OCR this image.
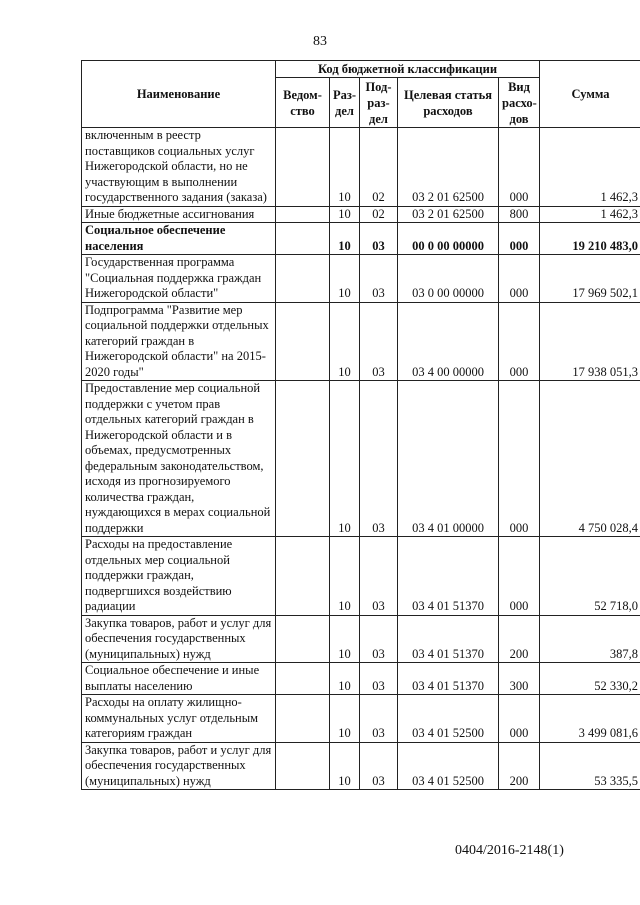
83
Наименование	Код бюджетной классификации					Сумма
	Ведом-ство	Раз-дел	Под-раз-дел	Целевая статья расходов	Вид расхо-дов	
включенным в реестр поставщиков социальных услуг Нижегородской области, но не участвующим в выполнении государственного задания (заказа)		10	02	03 2 01 62500	000	1 462,3
Иные бюджетные ассигнования		10	02	03 2 01 62500	800	1 462,3
Социальное обеспечение населения		10	03	00 0 00 00000	000	19 210 483,0
Государственная программа "Социальная поддержка граждан Нижегородской области"		10	03	03 0 00 00000	000	17 969 502,1
Подпрограмма "Развитие мер социальной поддержки отдельных категорий граждан в Нижегородской области" на 2015-2020 годы"		10	03	03 4 00 00000	000	17 938 051,3
Предоставление мер социальной поддержки с учетом прав отдельных категорий граждан в Нижегородской области и в объемах, предусмотренных федеральным законодательством, исходя из прогнозируемого количества граждан, нуждающихся в мерах социальной поддержки		10	03	03 4 01 00000	000	4 750 028,4
Расходы на предоставление отдельных мер социальной поддержки граждан, подвергшихся воздействию радиации		10	03	03 4 01 51370	000	52 718,0
Закупка товаров, работ и услуг для обеспечения государственных (муниципальных) нужд		10	03	03 4 01 51370	200	387,8
Социальное обеспечение и иные выплаты населению		10	03	03 4 01 51370	300	52 330,2
Расходы на оплату жилищно-коммунальных услуг отдельным категориям граждан		10	03	03 4 01 52500	000	3 499 081,6
Закупка товаров, работ и услуг для обеспечения государственных (муниципальных) нужд		10	03	03 4 01 52500	200	53 335,5
0404/2016-2148(1)
